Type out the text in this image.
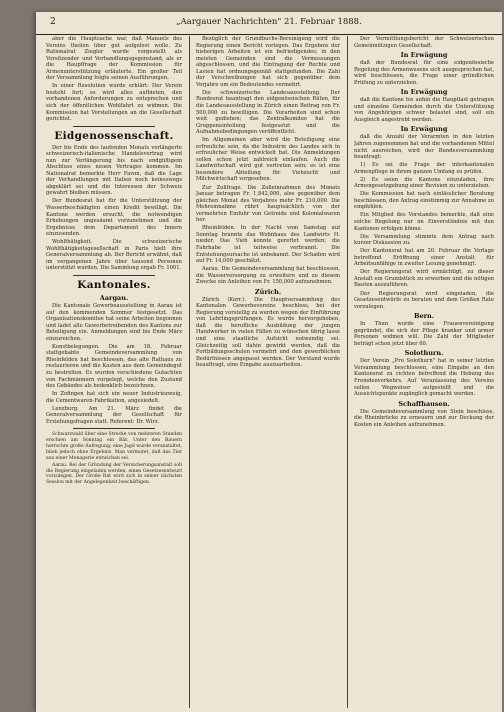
2	„Aargauer Nachrichten" 21. Februar 1888.

aber die Hauptsache war, daß Manuels des Vereins theilen über gut aufgelost wolle. Zu Rationalrat Ziegler wurde vorgestellt als Vorsitzender und Verhandlungsgegenstand, als er die Hauptfrage der Kommission für Armenunterstützung erläuterte. Ein großer Teil der Versammlung folgte seinen Ausführungen.

In einer Resolution wurde erklärt: Der Verein besteht fort; es wird alles aufbieten, den vorhandenen Anforderungen zu entsprechen und sich der öffentlichen Wohlfahrt zu widmen. Die Kommission hat Vorstellungen an die Gesellschaft gerichtet.

Eidgenossenschaft.

Der bis Ende des laufenden Monats verlängerte schweizerisch-italienische Handelsvertrag wird nun zur Verlängerung bis nach endgültigem Abschluss eines neuen Vertrages kommen. Im Nationalrat bemerkte Herr Favon, daß die Lage der Verhandlungen mit Italien noch keineswegs abgeklärt sei und die Interessen der Schweiz gewahrt bleiben müssen.

Der Bundesrat hat für die Unterstützung der Wasserbeschädigten einen Kredit bewilligt. Die Kantone werden ersucht, die notwendigen Erhebungen ungesäumt vorzunehmen und die Ergebnisse dem Departement des Innern einzusenden.

Wohlthätigkeit. Die schweizerische Wohlthätigkeitsgesellschaft in Paris hielt ihre Generalversammlung ab. Der Bericht erwähnt, daß im vergangenen Jahre über tausend Personen unterstützt wurden. Die Sammlung ergab Fr. 1001.

Kantonales.
Aargau.

Die Kantonale Gewerbeausstellung in Aarau ist auf den kommenden Sommer festgesetzt. Das Organisationskomitee hat seine Arbeiten begonnen und ladet alle Gewerbetreibenden des Kantons zur Beteiligung ein. Anmeldungen sind bis Ende März einzureichen.

Kunstbelegungen. Die am 18. Februar stattgehabte Gemeindeversammlung von Rheinfelden hat beschlossen, das alte Rathaus zu restaurieren und die Kosten aus dem Gemeindegut zu bestreiten. Es wurden verschiedene Gutachten von Fachmännern vorgelegt, welche den Zustand des Gebäudes als bedenklich bezeichnen.

In Zofingen hat sich ein neuer Industriezweig, die Cementwaren-Fabrikation, angesiedelt.

Lenzburg. Am 21. März findet die Generalversammlung der Gesellschaft für Erziehungsfragen statt. Referent: Dr. Wirz.

Schwarzwald über eine Strecke von mehreren Stunden erschien am Sonntag ein Bär. Unter den Bauern herrschte große Aufregung; eine Jagd wurde veranstaltet, blieb jedoch ohne Ergebnis. Man vermutet, daß das Tier aus einer Menagerie entwichen sei.

Aarau. Bei der Gründung der Versicherungsanstalt soll die Regierung eingeladen werden, einen Gesetzesentwurf vorzulegen. Der Große Rat wird sich in seiner nächsten Session mit der Angelegenheit beschäftigen.

Bezüglich der Grundbuchs-Bereinigung wird die Regierung einen Bericht vorlegen. Das Ergebnis der bisherigen Arbeiten ist ein befriedigendes; in den meisten Gemeinden sind die Vermessungen abgeschlossen, und die Eintragung der Rechte und Lasten hat ordnungsgemäß stattgefunden. Die Zahl der Verschreibungen hat sich gegenüber dem Vorjahre um ein Bedeutendes vermehrt.

Die schweizerische Landesausstellung. Der Bundesrat beantragt den eidgenössischen Räten, für die Landesausstellung in Zürich einen Beitrag von Fr. 500,000 zu bewilligen. Die Vorarbeiten sind schon weit gediehen; das Zentralkomitee hat die Gruppeneinteilung festgesetzt und die Aufnahmebedingungen veröffentlicht.

Im Allgemeinen aber wird die Beteiligung eine erfreuliche sein, da die Industrie des Landes sich in erfreulicher Weise entwickelt hat. Die Anmeldungen sollen schon jetzt zahlreich einlaufen. Auch die Landwirtschaft wird gut vertreten sein; es ist eine besondere Abteilung für Viehzucht und Milchwirtschaft vorgesehen.

Zur Zollfrage. Die Zolleinnahmen des Monats Januar betragen Fr. 1,842,000, also gegenüber dem gleichen Monat des Vorjahres mehr Fr. 210,000. Die Mehreinnahme rührt hauptsächlich von der vermehrten Einfuhr von Getreide und Kolonialwaren her.

Rheinfelden. In der Nacht vom Samstag auf Sonntag brannte das Wohnhaus des Landwirts H. nieder. Das Vieh konnte gerettet werden; die Fahrhabe ist teilweise verbrannt. Die Entstehungsursache ist unbekannt. Der Schaden wird auf Fr. 14,000 geschätzt.

Aarau. Die Gemeindeversammlung hat beschlossen, die Wasserversorgung zu erweitern und zu diesem Zwecke ein Anleihen von Fr. 150,000 aufzunehmen.

Zürich.

Zürich (Korr.). Die Hauptversammlung des Kantonalen Gewerbevereins beschloss, bei der Regierung vorstellig zu werden wegen der Einführung von Lehrlingsprüfungen. Es wurde hervorgehoben, daß die berufliche Ausbildung der jungen Handwerker in vielen Fällen zu wünschen übrig lasse und eine staatliche Aufsicht notwendig sei. Gleichzeitig soll dahin gewirkt werden, daß die Fortbildungsschulen vermehrt und den gewerblichen Bedürfnissen angepasst werden. Der Vorstand wurde beauftragt, eine Eingabe auszuarbeiten.

Der Vermittlungsbericht der Schweizerischen Gemeinnützigen Gesellschaft.

In Erwägung

daß der Bundesrat für eine eidgenössische Regelung des Armenwesens sich ausgesprochen hat, wird beschlossen, die Frage einer gründlichen Prüfung zu unterziehen.

In Erwägung

daß die Kantone bis anhin die Hauptlast getragen und einzelne Gemeinden durch die Unterstützung von Angehörigen schwer belastet sind, soll ein Ausgleich angestrebt werden.

In Erwägung

daß die Anzahl der Verarmten in den letzten Jahren zugenommen hat und die vorhandenen Mittel nicht ausreichen, wird der Bundesversammlung beantragt:

1) Es sei die Frage der interkantonalen Armenpflege in ihrem ganzen Umfang zu prüfen.

2) Es seien die Kantone einzuladen, ihre Armengesetzgebung einer Revision zu unterziehen.

Die Kommission hat nach einlässlicher Beratung beschlossen, den Antrag einstimmig zur Annahme zu empfehlen.

Ein Mitglied des Vorstandes bemerkte, daß eine solche Regelung nur im Einverständnis mit den Kantonen erfolgen könne.

Die Versammlung stimmte dem Antrag nach kurzer Diskussion zu.

Der Kantonsrat hat am 20. Februar die Vorlage betreffend Eröffnung einer Anstalt für Arbeitsunfähige in zweiter Lesung genehmigt.

Der Regierungsrat wird ermächtigt, zu dieser Anstalt ein Grundstück zu erwerben und die nötigen Bauten auszuführen.

Der Regierungsrat wird eingeladen, die Gesetzesentwürfe zu beraten und dem Großen Rate vorzulegen.

Bern.

In Thun wurde eine Frauenvereinigung gegründet, die sich der Pflege kranker und armer Personen widmen will. Die Zahl der Mitglieder beträgt schon jetzt über 60.

Solothurn.

Der Verein „Pro Solothurn" hat in seiner letzten Versammlung beschlossen, eine Eingabe an den Kantonsrat zu richten betreffend die Hebung des Fremdenverkehrs. Auf Veranlassung des Vereins sollen Wegweiser aufgestellt und die Aussichtspunkte zugänglich gemacht werden.

Schaffhausen.

Die Gemeindeversammlung von Stein beschloss, die Rheinbrücke zu erneuern und zur Deckung der Kosten ein Anleihen aufzunehmen.
